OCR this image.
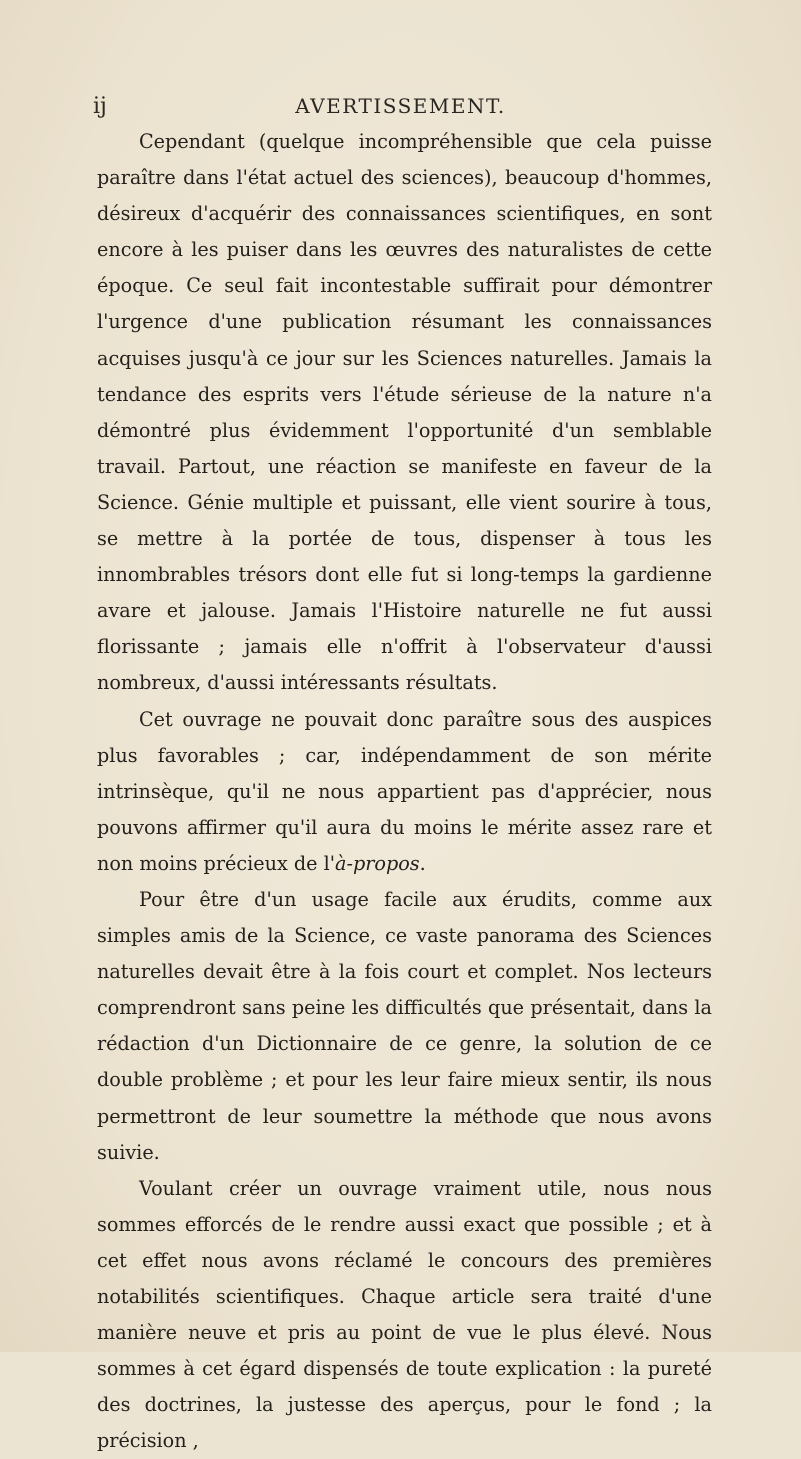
ij	AVERTISSEMENT.

Cependant (quelque incompréhensible que cela puisse paraître dans l'état actuel des sciences), beaucoup d'hommes, désireux d'acquérir des connaissances scientifiques, en sont encore à les puiser dans les œuvres des naturalistes de cette époque. Ce seul fait incontestable suffirait pour démontrer l'urgence d'une publication résumant les connaissances acquises jusqu'à ce jour sur les Sciences naturelles. Jamais la tendance des esprits vers l'étude sérieuse de la nature n'a démontré plus évidemment l'opportunité d'un semblable travail. Partout, une réaction se manifeste en faveur de la Science. Génie multiple et puissant, elle vient sourire à tous, se mettre à la portée de tous, dispenser à tous les innombrables trésors dont elle fut si long-temps la gardienne avare et jalouse. Jamais l'Histoire naturelle ne fut aussi florissante ; jamais elle n'offrit à l'observateur d'aussi nombreux, d'aussi intéressants résultats.

Cet ouvrage ne pouvait donc paraître sous des auspices plus favorables ; car, indépendamment de son mérite intrinsèque, qu'il ne nous appartient pas d'apprécier, nous pouvons affirmer qu'il aura du moins le mérite assez rare et non moins précieux de l'à-propos.

Pour être d'un usage facile aux érudits, comme aux simples amis de la Science, ce vaste panorama des Sciences naturelles devait être à la fois court et complet. Nos lecteurs comprendront sans peine les difficultés que présentait, dans la rédaction d'un Dictionnaire de ce genre, la solution de ce double problème ; et pour les leur faire mieux sentir, ils nous permettront de leur soumettre la méthode que nous avons suivie.

Voulant créer un ouvrage vraiment utile, nous nous sommes efforcés de le rendre aussi exact que possible ; et à cet effet nous avons réclamé le concours des premières notabilités scientifiques. Chaque article sera traité d'une manière neuve et pris au point de vue le plus élevé. Nous sommes à cet égard dispensés de toute explication : la pureté des doctrines, la justesse des aperçus, pour le fond ; la précision ,
